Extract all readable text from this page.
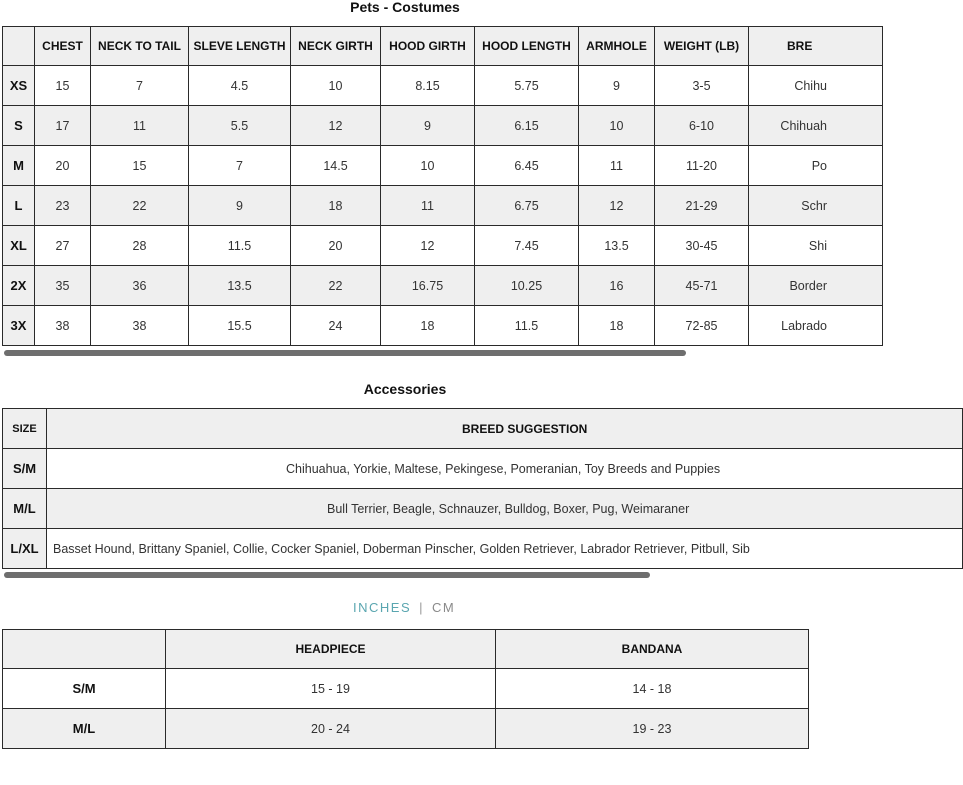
Pets - Costumes
	CHEST	NECK TO TAIL	SLEVE LENGTH	NECK GIRTH	HOOD GIRTH	HOOD LENGTH	ARMHOLE	WEIGHT (LB)	BRE
XS	15	7	4.5	10	8.15	5.75	9	3-5	Chihu
S	17	11	5.5	12	9	6.15	10	6-10	Chihuah
M	20	15	7	14.5	10	6.45	11	11-20	Po
L	23	22	9	18	11	6.75	12	21-29	Schr
XL	27	28	11.5	20	12	7.45	13.5	30-45	Shi
2X	35	36	13.5	22	16.75	10.25	16	45-71	Border
3X	38	38	15.5	24	18	11.5	18	72-85	Labrado
Accessories
SIZE	BREED SUGGESTION
S/M	Chihuahua, Yorkie, Maltese, Pekingese, Pomeranian, Toy Breeds and Puppies
M/L	Bull Terrier, Beagle, Schnauzer, Bulldog, Boxer, Pug, Weimaraner
L/XL	Basset Hound, Brittany Spaniel, Collie, Cocker Spaniel, Doberman Pinscher, Golden Retriever, Labrador Retriever, Pitbull, Sib
INCHES | CM
	HEADPIECE	BANDANA
S/M	15 - 19	14 - 18
M/L	20 - 24	19 - 23
